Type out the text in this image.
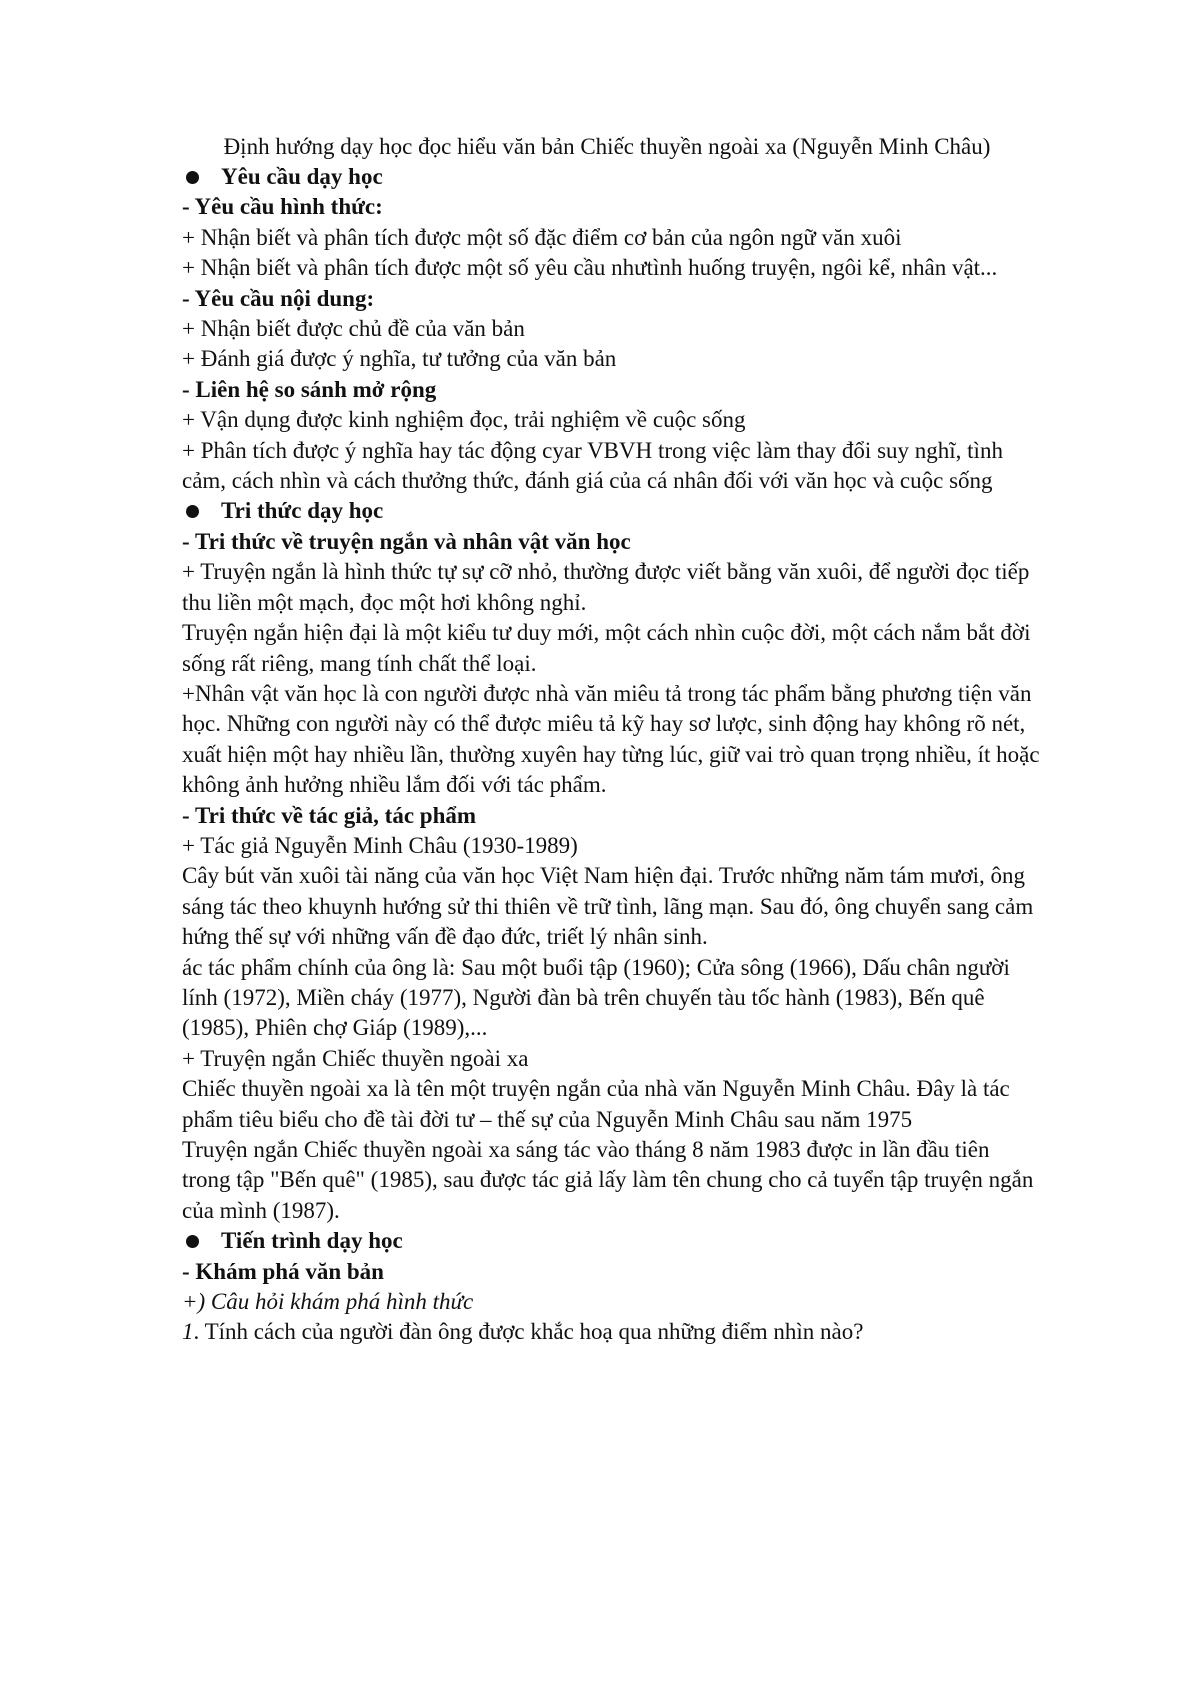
Định hướng dạy học đọc hiểu văn bản Chiếc thuyền ngoài xa (Nguyễn Minh Châu)
Yêu cầu dạy học
- Yêu cầu hình thức:
+ Nhận biết và phân tích được một số đặc điểm cơ bản của ngôn ngữ văn xuôi
+ Nhận biết và phân tích được một số yêu cầu nhưtình huống truyện, ngôi kể, nhân vật...
- Yêu cầu nội dung:
+ Nhận biết được chủ đề của văn bản
+ Đánh giá được ý nghĩa, tư tưởng của văn bản
- Liên hệ so sánh mở rộng
+ Vận dụng được kinh nghiệm đọc, trải nghiệm về cuộc sống
+ Phân tích được ý nghĩa hay tác động cyar VBVH trong việc làm thay đổi suy nghĩ, tình cảm, cách nhìn và cách thưởng thức, đánh giá của cá nhân đối với văn học và cuộc sống
Tri thức dạy học
- Tri thức về truyện ngắn và nhân vật văn học
+ Truyện ngắn là hình thức tự sự cỡ nhỏ, thường được viết bằng văn xuôi, để người đọc tiếp thu liền một mạch, đọc một hơi không nghỉ.
Truyện ngắn hiện đại là một kiểu tư duy mới, một cách nhìn cuộc đời, một cách nắm bắt đời sống rất riêng, mang tính chất thể loại.
+Nhân vật văn học là con người được nhà văn miêu tả trong tác phẩm bằng phương tiện văn học. Những con người này có thể được miêu tả kỹ hay sơ lược, sinh động hay không rõ nét, xuất hiện một hay nhiều lần, thường xuyên hay từng lúc, giữ vai trò quan trọng nhiều, ít hoặc không ảnh hưởng nhiều lắm đối với tác phẩm.
- Tri thức về tác giả, tác phẩm
+ Tác giả Nguyễn Minh Châu (1930-1989)
Cây bút văn xuôi tài năng của văn học Việt Nam hiện đại. Trước những năm tám mươi, ông sáng tác theo khuynh hướng sử thi thiên về trữ tình, lãng mạn. Sau đó, ông chuyển sang cảm hứng thế sự với những vấn đề đạo đức, triết lý nhân sinh.
ác tác phẩm chính của ông là: Sau một buổi tập (1960); Cửa sông (1966), Dấu chân người lính (1972), Miền cháy (1977), Người đàn bà trên chuyến tàu tốc hành (1983), Bến quê (1985), Phiên chợ Giáp (1989),...
+ Truyện ngắn Chiếc thuyền ngoài xa
Chiếc thuyền ngoài xa là tên một truyện ngắn của nhà văn Nguyễn Minh Châu. Đây là tác phẩm tiêu biểu cho đề tài đời tư – thế sự của Nguyễn Minh Châu sau năm 1975
Truyện ngắn Chiếc thuyền ngoài xa sáng tác vào tháng 8 năm 1983 được in lần đầu tiên trong tập "Bến quê" (1985), sau được tác giả lấy làm tên chung cho cả tuyển tập truyện ngắn của mình (1987).
Tiến trình dạy học
- Khám phá văn bản
+) Câu hỏi khám phá hình thức
1. Tính cách của người đàn ông được khắc hoạ qua những điểm nhìn nào?
